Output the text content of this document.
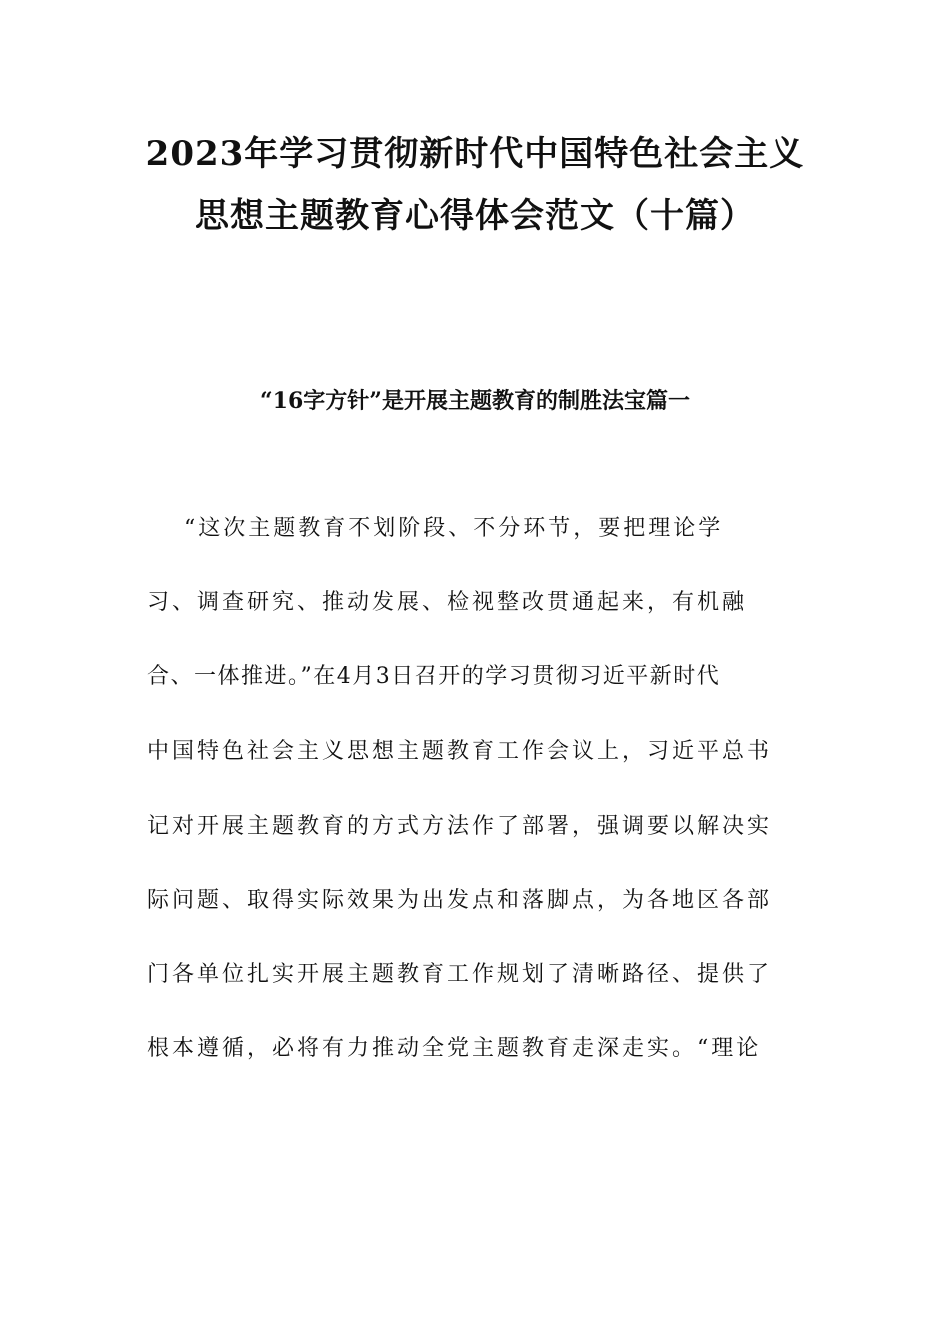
2023年学习贯彻新时代中国特色社会主义
思想主题教育心得体会范文（十篇）
“16字方针”是开展主题教育的制胜法宝篇一
“这次主题教育不划阶段、不分环节，要把理论学
习、调查研究、推动发展、检视整改贯通起来，有机融
合、一体推进。”在4月3日召开的学习贯彻习近平新时代
中国特色社会主义思想主题教育工作会议上，习近平总书
记对开展主题教育的方式方法作了部署，强调要以解决实
际问题、取得实际效果为出发点和落脚点，为各地区各部
门各单位扎实开展主题教育工作规划了清晰路径、提供了
根本遵循，必将有力推动全党主题教育走深走实。“理论
